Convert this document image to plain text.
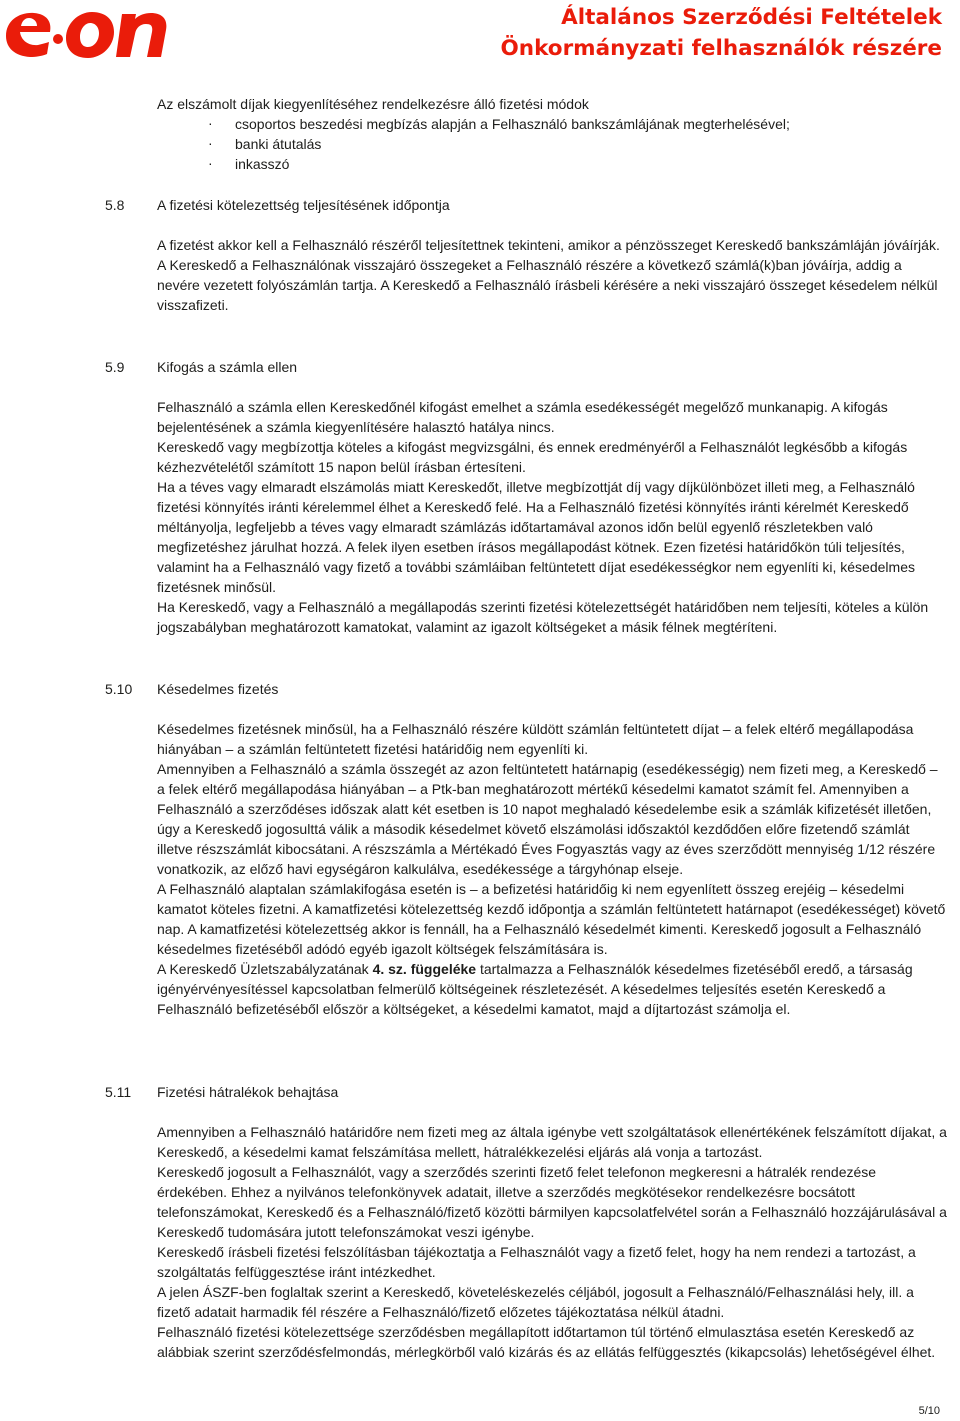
Általános Szerződési Feltételek
Önkormányzati felhasználók részére
Az elszámolt díjak kiegyenlítéséhez rendelkezésre álló fizetési módok
· csoportos beszedési megbízás alapján a Felhasználó bankszámlájának megterhelésével;
· banki átutalás
· inkasszó
5.8 A fizetési kötelezettség teljesítésének időpontja

A fizetést akkor kell a Felhasználó részéről teljesítettnek tekinteni, amikor a pénzösszeget Kereskedő bankszámláján jóváírják.

A Kereskedő a Felhasználónak visszajáró összegeket a Felhasználó részére a következő számlá(k)ban jóváírja, addig a nevére vezetett folyószámlán tartja. A Kereskedő a Felhasználó írásbeli kérésére a neki visszajáró összeget késedelem nélkül visszafizeti.

5.9 Kifogás a számla ellen

Felhasználó a számla ellen Kereskedőnél kifogást emelhet a számla esedékességét megelőző munkanapig. A kifogás bejelentésének a számla kiegyenlítésére halasztó hatálya nincs.

Kereskedő vagy megbízottja köteles a kifogást megvizsgálni, és ennek eredményéről a Felhasználót legkésőbb a kifogás kézhezvételétől számított 15 napon belül írásban értesíteni.

Ha a téves vagy elmaradt elszámolás miatt Kereskedőt, illetve megbízottját díj vagy díjkülönbözet illeti meg, a Felhasználó fizetési könnyítés iránti kérelemmel élhet a Kereskedő felé. Ha a Felhasználó fizetési könnyítés iránti kérelmét Kereskedő méltányolja, legfeljebb a téves vagy elmaradt számlázás időtartamával azonos időn belül egyenlő részletekben való megfizetéshez járulhat hozzá. A felek ilyen esetben írásos megállapodást kötnek. Ezen fizetési határidőkön túli teljesítés, valamint ha a Felhasználó vagy fizető a további számláiban feltüntetett díjat esedékességkor nem egyenlíti ki, késedelmes fizetésnek minősül.

Ha Kereskedő, vagy a Felhasználó a megállapodás szerinti fizetési kötelezettségét határidőben nem teljesíti, köteles a külön jogszabályban meghatározott kamatokat, valamint az igazolt költségeket a másik félnek megtéríteni.

5.10 Késedelmes fizetés

Késedelmes fizetésnek minősül, ha a Felhasználó részére küldött számlán feltüntetett díjat – a felek eltérő megállapodása hiányában – a számlán feltüntetett fizetési határidőig nem egyenlíti ki.

Amennyiben a Felhasználó a számla összegét az azon feltüntetett határnapig (esedékességig) nem fizeti meg, a Kereskedő – a felek eltérő megállapodása hiányában – a Ptk-ban meghatározott mértékű késedelmi kamatot számít fel. Amennyiben a Felhasználó a szerződéses időszak alatt két esetben is 10 napot meghaladó késedelembe esik a számlák kifizetését illetően, úgy a Kereskedő jogosulttá válik a második késedelmet követő elszámolási időszaktól kezdődően előre fizetendő számlát illetve részszámlát kibocsátani. A részszámla a Mértékadó Éves Fogyasztás vagy az éves szerződött mennyiség 1/12 részére vonatkozik, az előző havi egységáron kalkulálva, esedékessége a tárgyhónap elseje.

A Felhasználó alaptalan számlakifogása esetén is – a befizetési határidőig ki nem egyenlített összeg erejéig – késedelmi kamatot köteles fizetni. A kamatfizetési kötelezettség kezdő időpontja a számlán feltüntetett határnapot (esedékességet) követő nap. A kamatfizetési kötelezettség akkor is fennáll, ha a Felhasználó késedelmét kimenti. Kereskedő jogosult a Felhasználó késedelmes fizetéséből adódó egyéb igazolt költségek felszámítására is.

A Kereskedő Üzletszabályzatának 4. sz. függeléke tartalmazza a Felhasználók késedelmes fizetéséből eredő, a társaság igényérvényesítéssel kapcsolatban felmerülő költségeinek részletezését. A késedelmes teljesítés esetén Kereskedő a Felhasználó befizetéséből először a költségeket, a késedelmi kamatot, majd a díjtartozást számolja el.

5.11 Fizetési hátralékok behajtása

Amennyiben a Felhasználó határidőre nem fizeti meg az általa igénybe vett szolgáltatások ellenértékének felszámított díjakat, a Kereskedő, a késedelmi kamat felszámítása mellett, hátralékkezelési eljárás alá vonja a tartozást.

Kereskedő jogosult a Felhasználót, vagy a szerződés szerinti fizető felet telefonon megkeresni a hátralék rendezése érdekében. Ehhez a nyilvános telefonkönyvek adatait, illetve a szerződés megkötésekor rendelkezésre bocsátott telefonszámokat, Kereskedő és a Felhasználó/fizető közötti bármilyen kapcsolatfelvétel során a Felhasználó hozzájárulásával a Kereskedő tudomására jutott telefonszámokat veszi igénybe.

Kereskedő írásbeli fizetési felszólításban tájékoztatja a Felhasználót vagy a fizető felet, hogy ha nem rendezi a tartozást, a szolgáltatás felfüggesztése iránt intézkedhet.

A jelen ÁSZF-ben foglaltak szerint a Kereskedő, követeléskezelés céljából, jogosult a Felhasználó/Felhasználási hely, ill. a fizető adatait harmadik fél részére a Felhasználó/fizető előzetes tájékoztatása nélkül átadni.

Felhasználó fizetési kötelezettsége szerződésben megállapított időtartamon túl történő elmulasztása esetén Kereskedő az alábbiak szerint szerződésfelmondás, mérlegkörből való kizárás és az ellátás felfüggesztés (kikapcsolás) lehetőségével élhet.

5/10
